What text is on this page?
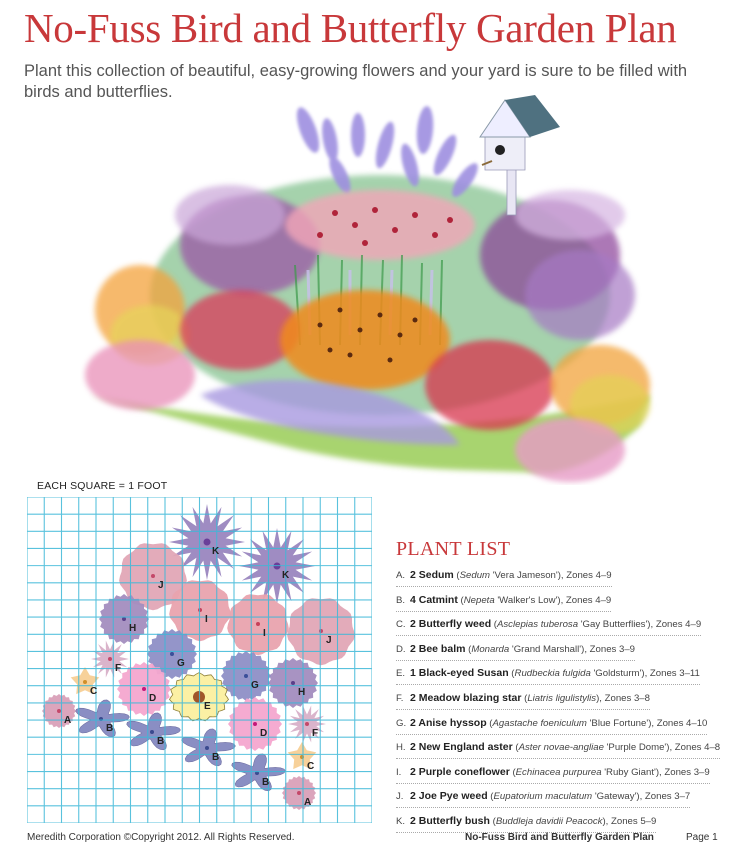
No-Fuss Bird and Butterfly Garden Plan
Plant this collection of beautiful, easy-growing flowers and your yard is sure to be filled with birds and butterflies.
EACH SQUARE = 1 FOOT
K
K
J
J
I
I
H
H
G
G
F
F
E
D
D
C
C
B
B
B
B
A
A
PLANT LIST
A. 2 Sedum (Sedum 'Vera Jameson'), Zones 4–9
B. 4 Catmint (Nepeta 'Walker's Low'), Zones 4–9
C. 2 Butterfly weed (Asclepias tuberosa 'Gay Butterflies'), Zones 4–9
D. 2 Bee balm (Monarda 'Grand Marshall'), Zones 3–9
E. 1 Black-eyed Susan (Rudbeckia fulgida 'Goldsturm'), Zones 3–11
F. 2 Meadow blazing star (Liatris ligulistylis), Zones 3–8
G. 2 Anise hyssop (Agastache foeniculum 'Blue Fortune'), Zones 4–10
H. 2 New England aster (Aster novae-angliae 'Purple Dome'), Zones 4–8
I. 2 Purple coneflower (Echinacea purpurea 'Ruby Giant'), Zones 3–9
J. 2 Joe Pye weed (Eupatorium maculatum 'Gateway'), Zones 3–7
K. 2 Butterfly bush (Buddleja davidii Peacock), Zones 5–9
Meredith Corporation ©Copyright 2012. All Rights Reserved.	No-Fuss Bird and Butterfly Garden Plan	Page 1
